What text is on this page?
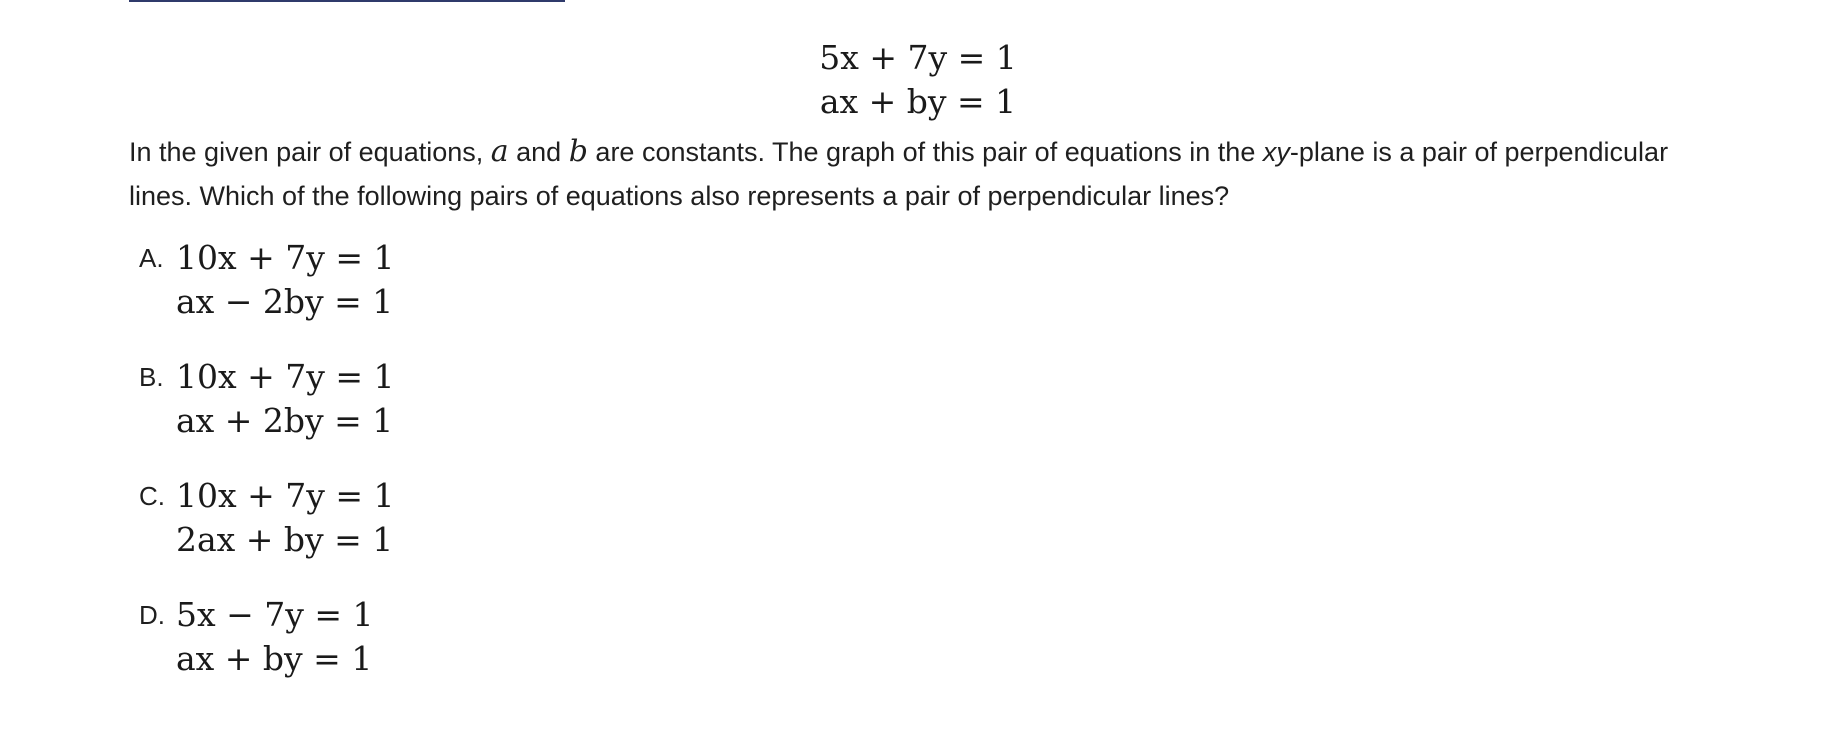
5x + 7y = 1
ax + by = 1

In the given pair of equations, a and b are constants. The graph of this pair of equations in the xy-plane is a pair of perpendicular lines. Which of the following pairs of equations also represents a pair of perpendicular lines?

A. 10x + 7y = 1
ax − 2by = 1
B. 10x + 7y = 1
ax + 2by = 1
C. 10x + 7y = 1
2ax + by = 1
D. 5x − 7y = 1
ax + by = 1
